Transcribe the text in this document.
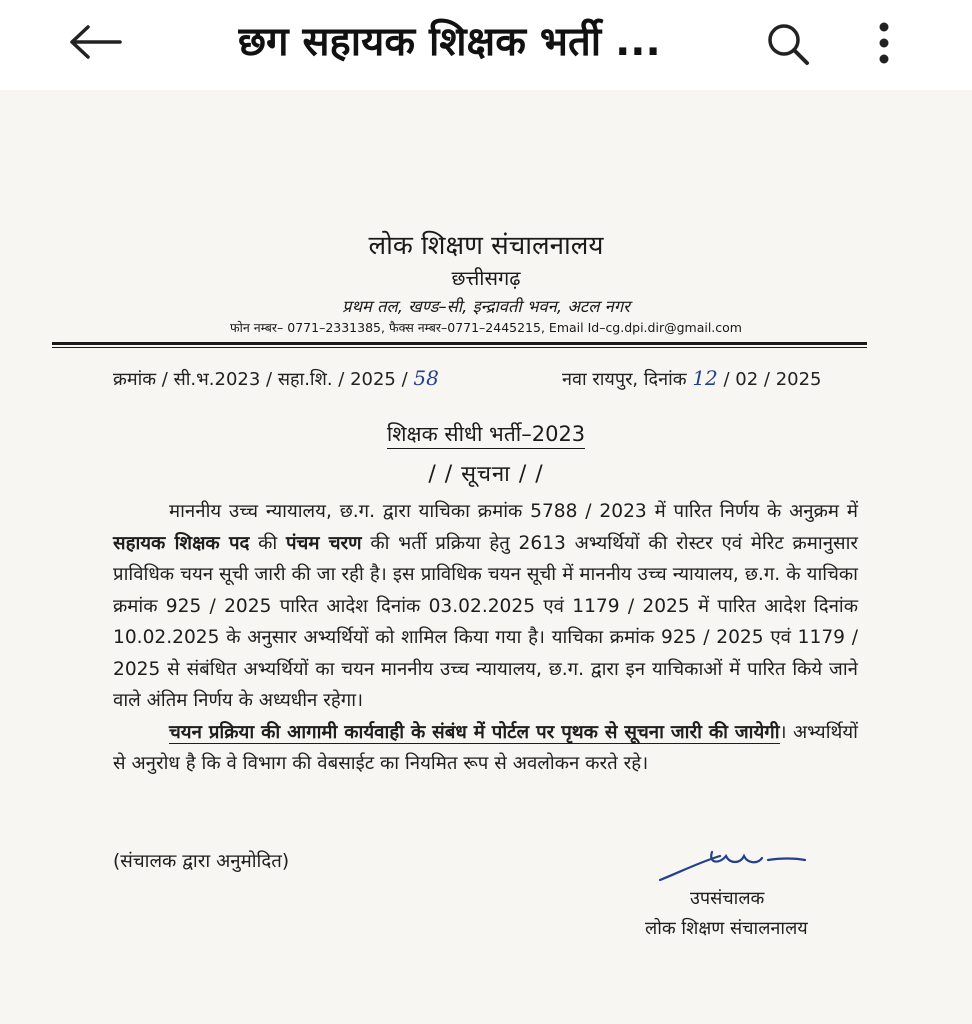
छग सहायक शिक्षक भर्ती ...
लोक शिक्षण संचालनालय
छत्तीसगढ़
प्रथम तल, खण्ड–सी, इन्द्रावती भवन, अटल नगर
फोन नम्बर– 0771–2331385, फैक्स नम्बर–0771–2445215, Email Id–cg.dpi.dir@gmail.com
क्रमांक / सी.भ.2023 / सहा.शि. / 2025 / 58	नवा रायपुर, दिनांक 12 / 02 / 2025
शिक्षक सीधी भर्ती–2023
/ / सूचना / /

माननीय उच्च न्यायालय, छ.ग. द्वारा याचिका क्रमांक 5788 / 2023 में पारित निर्णय के अनुक्रम में सहायक शिक्षक पद की पंचम चरण की भर्ती प्रक्रिया हेतु 2613 अभ्यर्थियों की रोस्टर एवं मेरिट क्रमानुसार प्राविधिक चयन सूची जारी की जा रही है। इस प्राविधिक चयन सूची में माननीय उच्च न्यायालय, छ.ग. के याचिका क्रमांक 925 / 2025 पारित आदेश दिनांक 03.02.2025 एवं 1179 / 2025 में पारित आदेश दिनांक 10.02.2025 के अनुसार अभ्यर्थियों को शामिल किया गया है। याचिका क्रमांक 925 / 2025 एवं 1179 / 2025 से संबंधित अभ्यर्थियों का चयन माननीय उच्च न्यायालय, छ.ग. द्वारा इन याचिकाओं में पारित किये जाने वाले अंतिम निर्णय के अध्यधीन रहेगा।

चयन प्रक्रिया की आगामी कार्यवाही के संबंध में पोर्टल पर पृथक से सूचना जारी की जायेगी। अभ्यर्थियों से अनुरोध है कि वे विभाग की वेबसाईट का नियमित रूप से अवलोकन करते रहे।

(संचालक द्वारा अनुमोदित)
उपसंचालक
लोक शिक्षण संचालनालय
